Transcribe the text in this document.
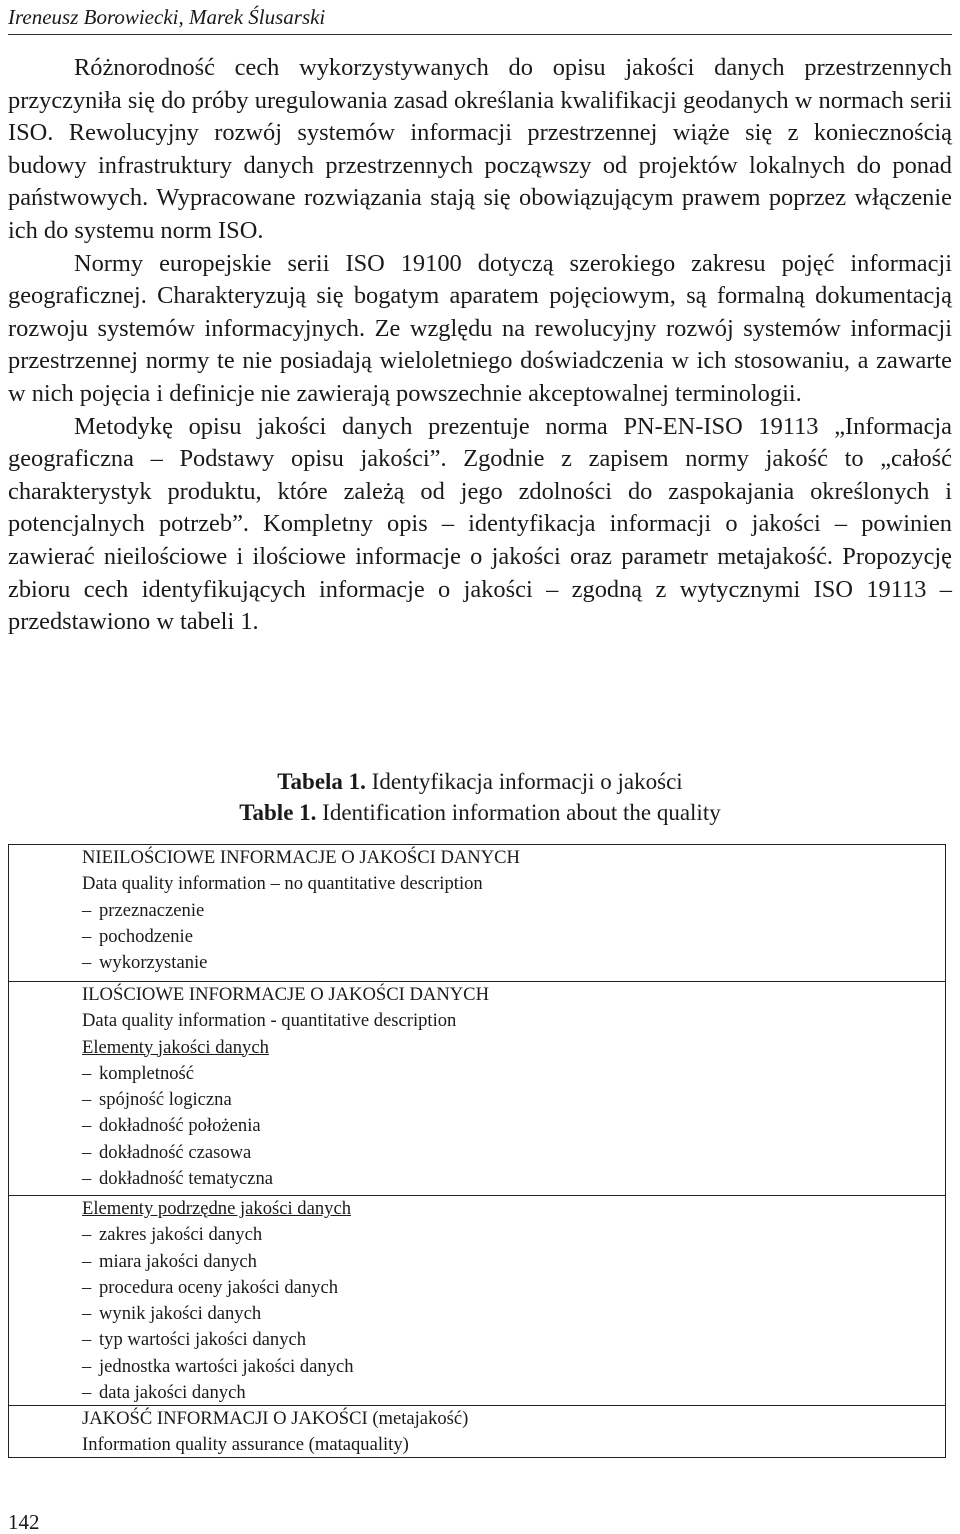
Ireneusz Borowiecki, Marek Ślusarski

Różnorodność cech wykorzystywanych do opisu jakości danych przestrzennych przyczyniła się do próby uregulowania zasad określania kwalifikacji geodanych w normach serii ISO. Rewolucyjny rozwój systemów informacji przestrzennej wiąże się z koniecznością budowy infrastruktury danych przestrzennych począwszy od projektów lokalnych do ponad państwowych. Wypracowane rozwiązania stają się obowiązującym prawem poprzez włączenie ich do systemu norm ISO.

Normy europejskie serii ISO 19100 dotyczą szerokiego zakresu pojęć informacji geograficznej. Charakteryzują się bogatym aparatem pojęciowym, są formalną dokumentacją rozwoju systemów informacyjnych. Ze względu na rewolucyjny rozwój systemów informacji przestrzennej normy te nie posiadają wieloletniego doświadczenia w ich stosowaniu, a zawarte w nich pojęcia i definicje nie zawierają powszechnie akceptowalnej terminologii.

Metodykę opisu jakości danych prezentuje norma PN-EN-ISO 19113 „Informacja geograficzna – Podstawy opisu jakości”. Zgodnie z zapisem normy jakość to „całość charakterystyk produktu, które zależą od jego zdolności do zaspokajania określonych i potencjalnych potrzeb”. Kompletny opis – identyfikacja informacji o jakości – powinien zawierać nieilościowe i ilościowe informacje o jakości oraz parametr metajakość. Propozycję zbioru cech identyfikujących informacje o jakości – zgodną z wytycznymi ISO 19113 – przedstawiono w tabeli 1.

Tabela 1. Identyfikacja informacji o jakości
Table 1. Identification information about the quality
NIEILOŚCIOWE INFORMACJE O JAKOŚCI DANYCH
Data quality information – no quantitative description
– przeznaczenie
– pochodzenie
– wykorzystanie
ILOŚCIOWE INFORMACJE O JAKOŚCI DANYCH
Data quality information - quantitative description
Elementy jakości danych
– kompletność
– spójność logiczna
– dokładność położenia
– dokładność czasowa
– dokładność tematyczna
Elementy podrzędne jakości danych
– zakres jakości danych
– miara jakości danych
– procedura oceny jakości danych
– wynik jakości danych
– typ wartości jakości danych
– jednostka wartości jakości danych
– data jakości danych
JAKOŚĆ INFORMACJI O JAKOŚCI (metajakość)
Information quality assurance (mataquality)
142
